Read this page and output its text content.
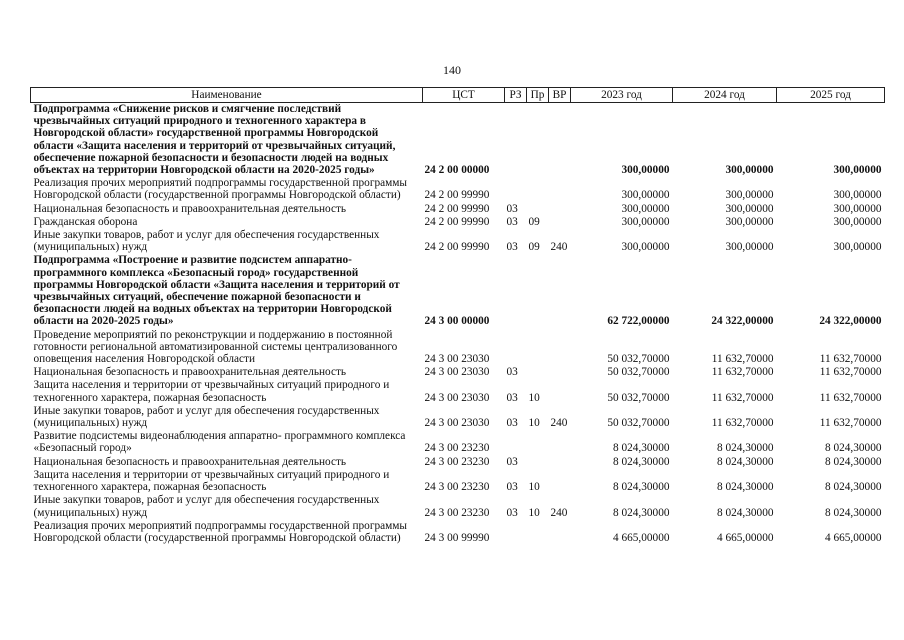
140
Наименование	ЦСТ	РЗ	Пр	ВР	2023 год	2024 год	2025 год
Подпрограмма «Снижение рисков и смягчение последствий чрезвычайных ситуаций природного и техногенного характера в Новгородской области» государственной программы Новгородской области «Защита населения и территорий от чрезвычайных ситуаций, обеспечение пожарной безопасности и безопасности людей на водных объектах на территории Новгородской области на 2020-2025 годы»	24 2 00 00000				300,00000	300,00000	300,00000
Реализация прочих мероприятий подпрограммы государственной программы Новгородской области (государственной программы Новгородской области)	24 2 00 99990				300,00000	300,00000	300,00000
Национальная безопасность и правоохранительная деятельность	24 2 00 99990	03			300,00000	300,00000	300,00000
Гражданская оборона	24 2 00 99990	03	09		300,00000	300,00000	300,00000
Иные закупки товаров, работ и услуг для обеспечения государственных (муниципальных) нужд	24 2 00 99990	03	09	240	300,00000	300,00000	300,00000
Подпрограмма «Построение и развитие подсистем аппаратно-программного комплекса «Безопасный город» государственной программы Новгородской области «Защита населения и территорий от чрезвычайных ситуаций, обеспечение пожарной безопасности и безопасности людей на водных объектах на территории Новгородской области на 2020-2025 годы»	24 3 00 00000				62 722,00000	24 322,00000	24 322,00000
Проведение мероприятий по реконструкции и поддержанию в постоянной готовности региональной автоматизированной системы централизованного оповещения населения Новгородской области	24 3 00 23030				50 032,70000	11 632,70000	11 632,70000
Национальная безопасность и правоохранительная деятельность	24 3 00 23030	03			50 032,70000	11 632,70000	11 632,70000
Защита населения и территории от чрезвычайных ситуаций природного и техногенного характера, пожарная безопасность	24 3 00 23030	03	10		50 032,70000	11 632,70000	11 632,70000
Иные закупки товаров, работ и услуг для обеспечения государственных (муниципальных) нужд	24 3 00 23030	03	10	240	50 032,70000	11 632,70000	11 632,70000
Развитие подсистемы видеонаблюдения аппаратно- программного комплекса «Безопасный город»	24 3 00 23230				8 024,30000	8 024,30000	8 024,30000
Национальная безопасность и правоохранительная деятельность	24 3 00 23230	03			8 024,30000	8 024,30000	8 024,30000
Защита населения и территории от чрезвычайных ситуаций природного и техногенного характера, пожарная безопасность	24 3 00 23230	03	10		8 024,30000	8 024,30000	8 024,30000
Иные закупки товаров, работ и услуг для обеспечения государственных (муниципальных) нужд	24 3 00 23230	03	10	240	8 024,30000	8 024,30000	8 024,30000
Реализация прочих мероприятий подпрограммы государственной программы Новгородской области (государственной программы Новгородской области)	24 3 00 99990				4 665,00000	4 665,00000	4 665,00000
